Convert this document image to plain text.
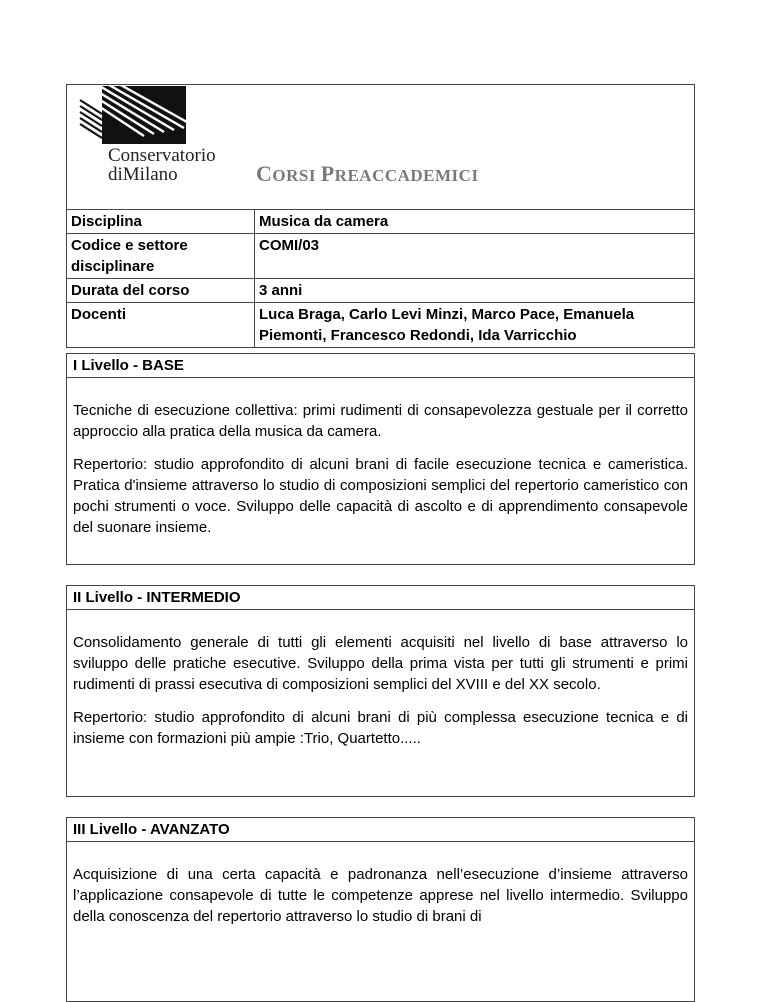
Conservatorio
diMilano	CORSI PREACCADEMICI
Disciplina	Musica da camera
Codice e settore disciplinare	COMI/03
Durata del corso	3 anni
Docenti	Luca Braga, Carlo Levi Minzi, Marco Pace, Emanuela Piemonti, Francesco Redondi, Ida Varricchio
I Livello - BASE

Tecniche di esecuzione collettiva: primi rudimenti di consapevolezza gestuale per il corretto approccio alla pratica della musica da camera.

Repertorio: studio approfondito di alcuni brani di facile esecuzione tecnica e cameristica. Pratica d'insieme attraverso lo studio di composizioni semplici del repertorio cameristico con pochi strumenti o voce. Sviluppo delle capacità di ascolto e di apprendimento consapevole del suonare insieme.

II Livello - INTERMEDIO

Consolidamento generale di tutti gli elementi acquisiti nel livello di base attraverso lo sviluppo delle pratiche esecutive. Sviluppo della prima vista per tutti gli strumenti e primi rudimenti di prassi esecutiva di composizioni semplici del XVIII e del XX secolo.

Repertorio: studio approfondito di alcuni brani di più complessa esecuzione tecnica e di insieme con formazioni più ampie :Trio, Quartetto.....

III Livello - AVANZATO

Acquisizione di una certa capacità e padronanza nell’esecuzione d’insieme attraverso l’applicazione consapevole di tutte le competenze apprese nel livello intermedio. Sviluppo della conoscenza del repertorio attraverso lo studio di brani di
